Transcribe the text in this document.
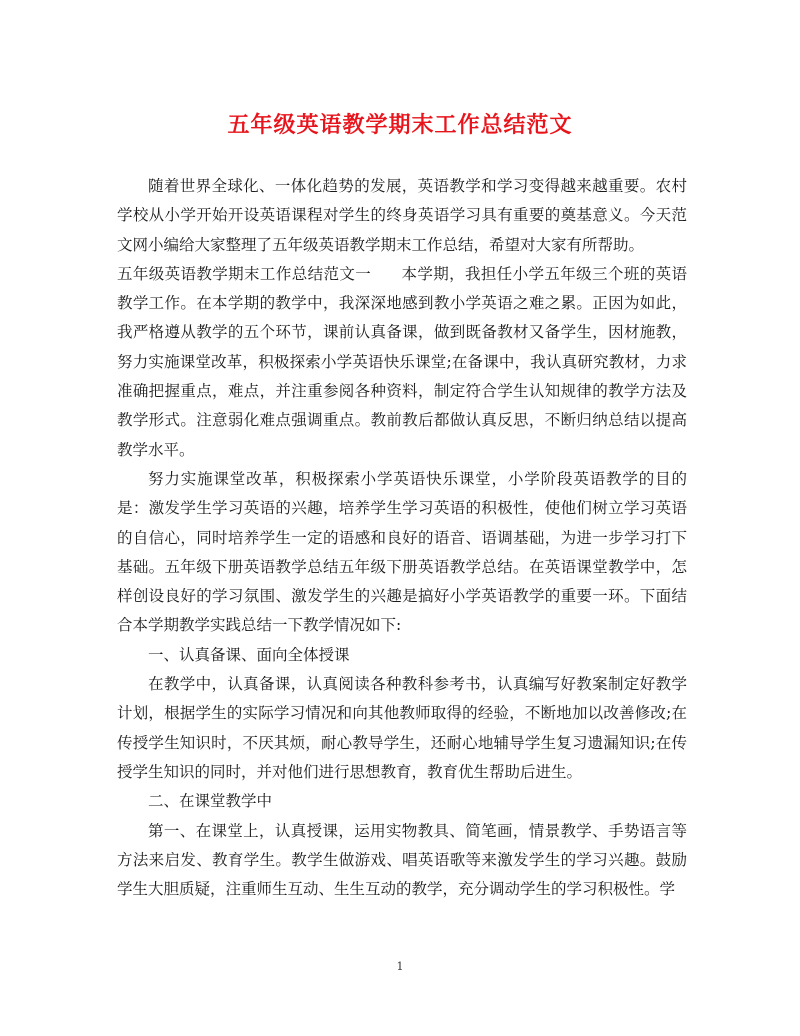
五年级英语教学期末工作总结范文

随着世界全球化、一体化趋势的发展，英语教学和学习变得越来越重要。农村学校从小学开始开设英语课程对学生的终身英语学习具有重要的奠基意义。今天范文网小编给大家整理了五年级英语教学期末工作总结，希望对大家有所帮助。

五年级英语教学期末工作总结范文一 本学期，我担任小学五年级三个班的英语教学工作。在本学期的教学中，我深深地感到教小学英语之难之累。正因为如此，我严格遵从教学的五个环节，课前认真备课，做到既备教材又备学生，因材施教，努力实施课堂改革，积极探索小学英语快乐课堂;在备课中，我认真研究教材，力求准确把握重点，难点，并注重参阅各种资料，制定符合学生认知规律的教学方法及教学形式。注意弱化难点强调重点。教前教后都做认真反思，不断归纳总结以提高教学水平。

努力实施课堂改革，积极探索小学英语快乐课堂，小学阶段英语教学的目的是：激发学生学习英语的兴趣，培养学生学习英语的积极性，使他们树立学习英语的自信心，同时培养学生一定的语感和良好的语音、语调基础，为进一步学习打下基础。五年级下册英语教学总结五年级下册英语教学总结。在英语课堂教学中，怎样创设良好的学习氛围、激发学生的兴趣是搞好小学英语教学的重要一环。下面结合本学期教学实践总结一下教学情况如下:

一、认真备课、面向全体授课

在教学中，认真备课，认真阅读各种教科参考书，认真编写好教案制定好教学计划，根据学生的实际学习情况和向其他教师取得的经验，不断地加以改善修改;在传授学生知识时，不厌其烦，耐心教导学生，还耐心地辅导学生复习遗漏知识;在传授学生知识的同时，并对他们进行思想教育，教育优生帮助后进生。

二、在课堂教学中

第一、在课堂上，认真授课，运用实物教具、简笔画，情景教学、手势语言等方法来启发、教育学生。教学生做游戏、唱英语歌等来激发学生的学习兴趣。鼓励学生大胆质疑，注重师生互动、生生互动的教学，充分调动学生的学习积极性。学

1
